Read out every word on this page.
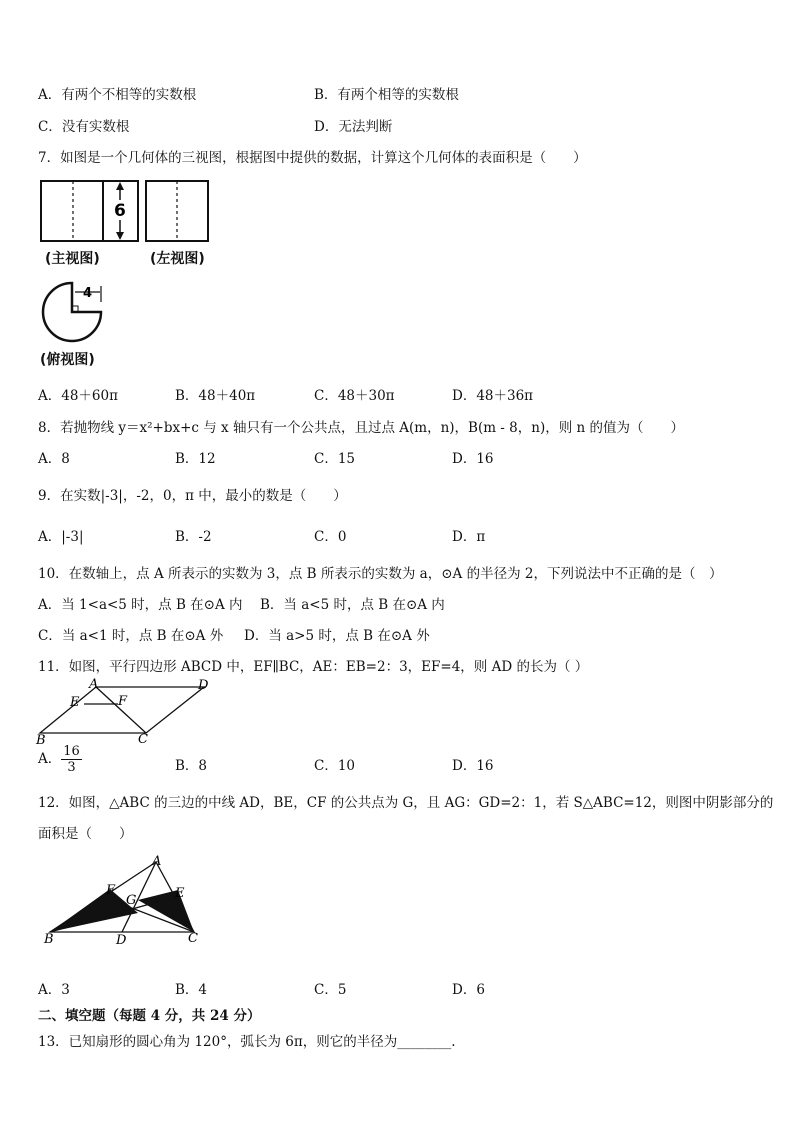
A．有两个不相等的实数根	B．有两个相等的实数根
C．没有实数根	D．无法判断
7．如图是一个几何体的三视图，根据图中提供的数据，计算这个几何体的表面积是（　　）
6
(主视图)	(左视图)
4
(俯视图)
A．48＋60π	B．48＋40π	C．48＋30π	D．48＋36π
8．若抛物线 y＝x²+bx+c 与 x 轴只有一个公共点，且过点 A(m，n)，B(m - 8，n)，则 n 的值为（　　）
A．8	B．12	C．15	D．16
9．在实数|-3|，-2，0，π 中，最小的数是（　　）
A．|-3|	B．-2	C．0	D．π
10．在数轴上，点 A 所表示的实数为 3，点 B 所表示的实数为 a，⊙A 的半径为 2，下列说法中不正确的是（　）
A．当 1<a<5 时，点 B 在⊙A 内 B．当 a<5 时，点 B 在⊙A 内
C．当 a<1 时，点 B 在⊙A 外 D．当 a>5 时，点 B 在⊙A 外
11．如图，平行四边形 ABCD 中，EF∥BC，AE：EB=2：3，EF=4，则 AD 的长为（ ）
A	D
E	F
B	C
A． $\frac{16}{3}$	B．8	C．10	D．16
12．如图，△ABC 的三边的中线 AD，BE，CF 的公共点为 G，且 AG：GD=2：1，若 S△ABC=12，则图中阴影部分的
面积是（　　）
A
F
G	E
B	D	C
A．3	B．4	C．5	D．6
二、填空题（每题 4 分，共 24 分）
13．已知扇形的圆心角为 120°，弧长为 6π，则它的半径为________.
